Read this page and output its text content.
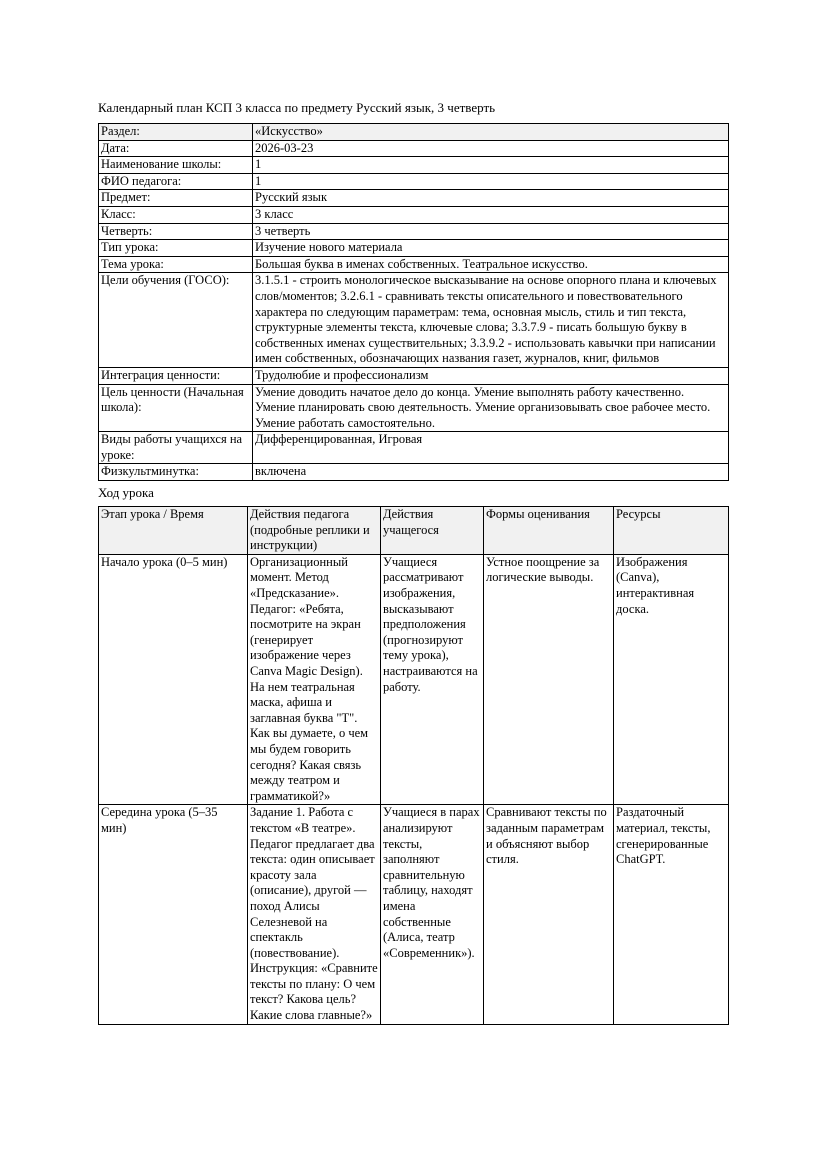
Календарный план КСП 3 класса по предмету Русский язык, 3 четверть
Раздел:	«Искусство»
Дата:	2026-03-23
Наименование школы:	1
ФИО педагога:	1
Предмет:	Русский язык
Класс:	3 класс
Четверть:	3 четверть
Тип урока:	Изучение нового материала
Тема урока:	Большая буква в именах собственных. Театральное искусство.
Цели обучения (ГОСО):	3.1.5.1 - строить монологическое высказывание на основе опорного плана и ключевых слов/моментов; 3.2.6.1 - сравнивать тексты описательного и повествовательного характера по следующим параметрам: тема, основная мысль, стиль и тип текста, структурные элементы текста, ключевые слова; 3.3.7.9 - писать большую букву в собственных именах существительных; 3.3.9.2 - использовать кавычки при написании имен собственных, обозначающих названия газет, журналов, книг, фильмов
Интеграция ценности:	Трудолюбие и профессионализм
Цель ценности (Начальная школа):	Умение доводить начатое дело до конца. Умение выполнять работу качественно. Умение планировать свою деятельность. Умение организовывать свое рабочее место. Умение работать самостоятельно.
Виды работы учащихся на уроке:	Дифференцированная, Игровая
Физкультминутка:	включена
Ход урока
Этап урока / Время	Действия педагога (подробные реплики и инструкции)	Действия учащегося	Формы оценивания	Ресурсы
Начало урока (0–5 мин)	Организационный момент. Метод «Предсказание». Педагог: «Ребята, посмотрите на экран (генерирует изображение через Canva Magic Design). На нем театральная маска, афиша и заглавная буква "Т". Как вы думаете, о чем мы будем говорить сегодня? Какая связь между театром и грамматикой?»	Учащиеся рассматривают изображения, высказывают предположения (прогнозируют тему урока), настраиваются на работу.	Устное поощрение за логические выводы.	Изображения (Canva), интерактивная доска.
Середина урока (5–35 мин)	Задание 1. Работа с текстом «В театре». Педагог предлагает два текста: один описывает красоту зала (описание), другой — поход Алисы Селезневой на спектакль (повествование). Инструкция: «Сравните тексты по плану: О чем текст? Какова цель? Какие слова главные?»	Учащиеся в парах анализируют тексты, заполняют сравнительную таблицу, находят имена собственные (Алиса, театр «Современник»).	Сравнивают тексты по заданным параметрам и объясняют выбор стиля.	Раздаточный материал, тексты, сгенерированные ChatGPT.
